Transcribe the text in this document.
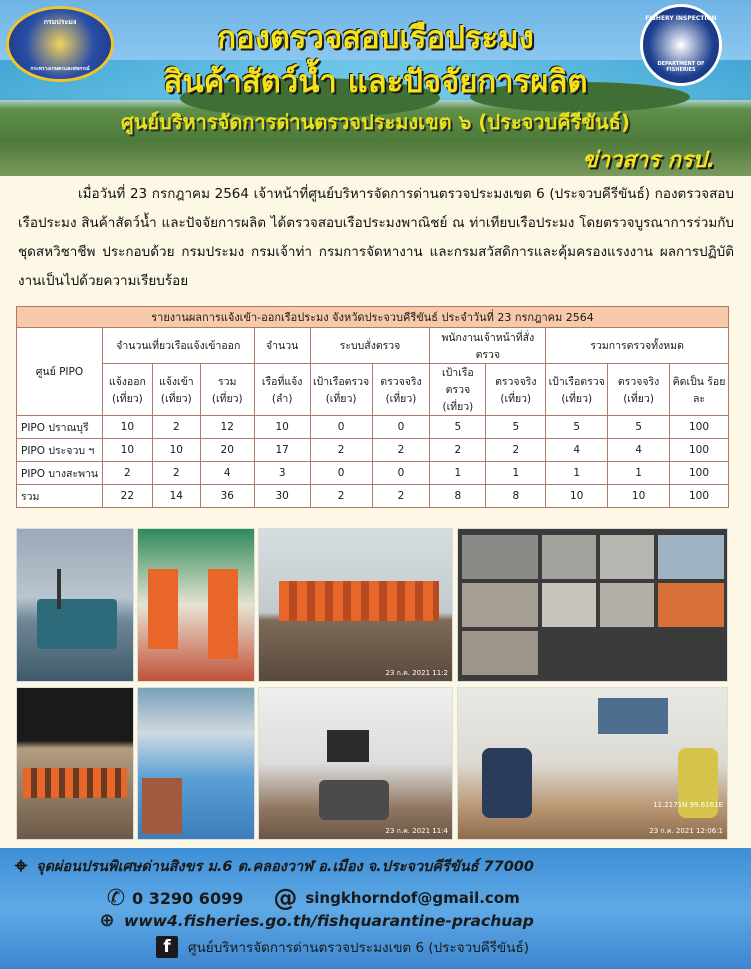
กรมประมง
กระทรวงเกษตรและสหกรณ์
FISHERY INSPECTION
DEPARTMENT OF FISHERIES
กองตรวจสอบเรือประมง
สินค้าสัตว์น้ำ และปัจจัยการผลิต
ศูนย์บริหารจัดการด่านตรวจประมงเขต ๖ (ประจวบคีรีขันธ์)
ข่าวสาร กรป.

เมื่อวันที่ 23 กรกฎาคม 2564 เจ้าหน้าที่ศูนย์บริหารจัดการด่านตรวจประมงเขต 6 (ประจวบคีรีขันธ์) กองตรวจสอบเรือประมง สินค้าสัตว์น้ำ และปัจจัยการผลิต ได้ตรวจสอบเรือประมงพาณิชย์ ณ ท่าเทียบเรือประมง โดยตรวจบูรณาการร่วมกับชุดสหวิชาชีพ ประกอบด้วย กรมประมง กรมเจ้าท่า กรมการจัดหางาน และกรมสวัสดิการและคุ้มครองแรงงาน ผลการปฏิบัติงานเป็นไปด้วยความเรียบร้อย

รายงานผลการแจ้งเข้า-ออกเรือประมง จังหวัดประจวบคีรีขันธ์ ประจำวันที่ 23 กรกฎาคม 2564											
ศูนย์ PIPO	จำนวนเที่ยวเรือแจ้งเข้าออก			จำนวน	ระบบสั่งตรวจ		พนักงานเจ้าหน้าที่สั่งตรวจ		รวมการตรวจทั้งหมด		
	แจ้งออก (เที่ยว)	แจ้งเข้า (เที่ยว)	รวม (เที่ยว)	เรือที่แจ้ง (ลำ)	เป้าเรือตรวจ (เที่ยว)	ตรวจจริง (เที่ยว)	เป้าเรือตรวจ (เที่ยว)	ตรวจจริง (เที่ยว)	เป้าเรือตรวจ (เที่ยว)	ตรวจจริง (เที่ยว)	คิดเป็น ร้อยละ
PIPO ปราณบุรี	10	2	12	10	0	0	5	5	5	5	100
PIPO ประจวบ ฯ	10	10	20	17	2	2	2	2	4	4	100
PIPO บางสะพาน	2	2	4	3	0	0	1	1	1	1	100
รวม	22	14	36	30	2	2	8	8	10	10	100
23 ก.ค. 2021 11:2
23 ก.ค. 2021 11:4
11.2171N 99.6161E
23 ก.ค. 2021 12:06:1
⌖ จุดผ่อนปรนพิเศษด่านสิงขร ม.6 ต.คลองวาฬ อ.เมือง จ.ประจวบคีรีขันธ์ 77000
✆ 0 3290 6099	@ singkhorndof@gmail.com
⊕ www4.fisheries.go.th/fishquarantine-prachuap
f	ศูนย์บริหารจัดการด่านตรวจประมงเขต 6 (ประจวบคีรีขันธ์)
